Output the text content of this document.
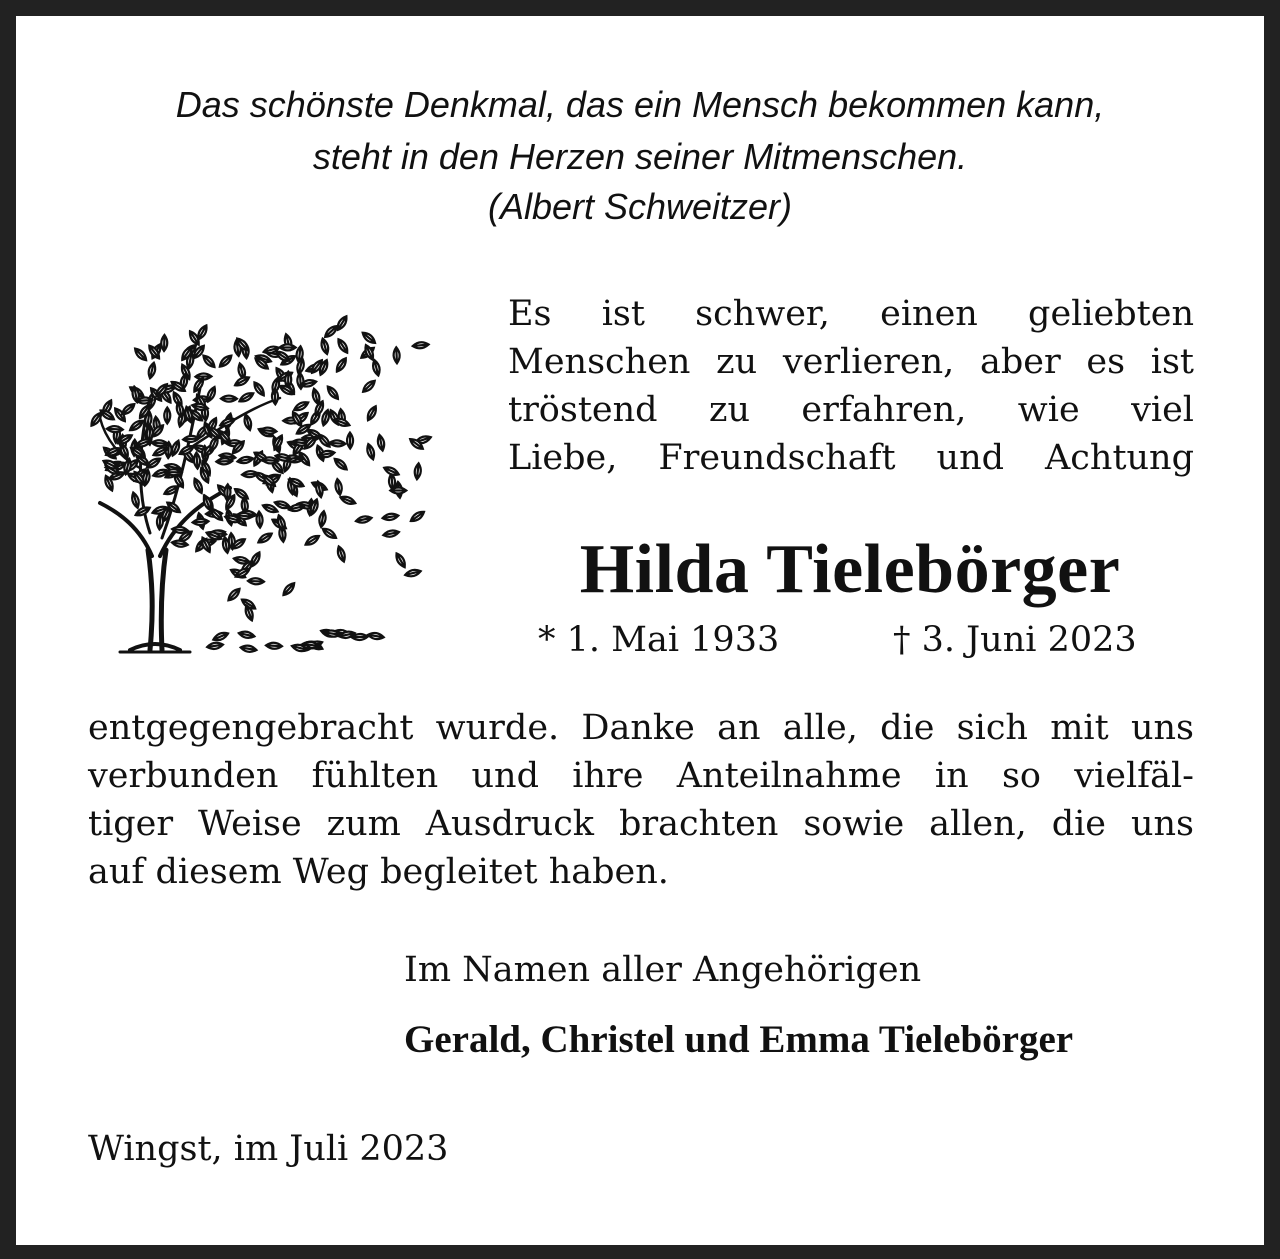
Das schönste Denkmal, das ein Mensch bekommen kann,

steht in den Herzen seiner Mitmenschen.

(Albert Schweitzer)

Es ist schwer, einen geliebten
Menschen zu verlieren, aber es ist
tröstend zu erfahren, wie viel
Liebe, Freundschaft und Achtung

Hilda Tielebörger

* 1. Mai 1933	† 3. Juni 2023

entgegengebracht wurde. Danke an alle, die sich mit uns
verbunden fühlten und ihre Anteilnahme in so vielfäl-
tiger Weise zum Ausdruck brachten sowie allen, die uns
auf diesem Weg begleitet haben.

Im Namen aller Angehörigen

Gerald, Christel und Emma Tielebörger

Wingst, im Juli 2023
